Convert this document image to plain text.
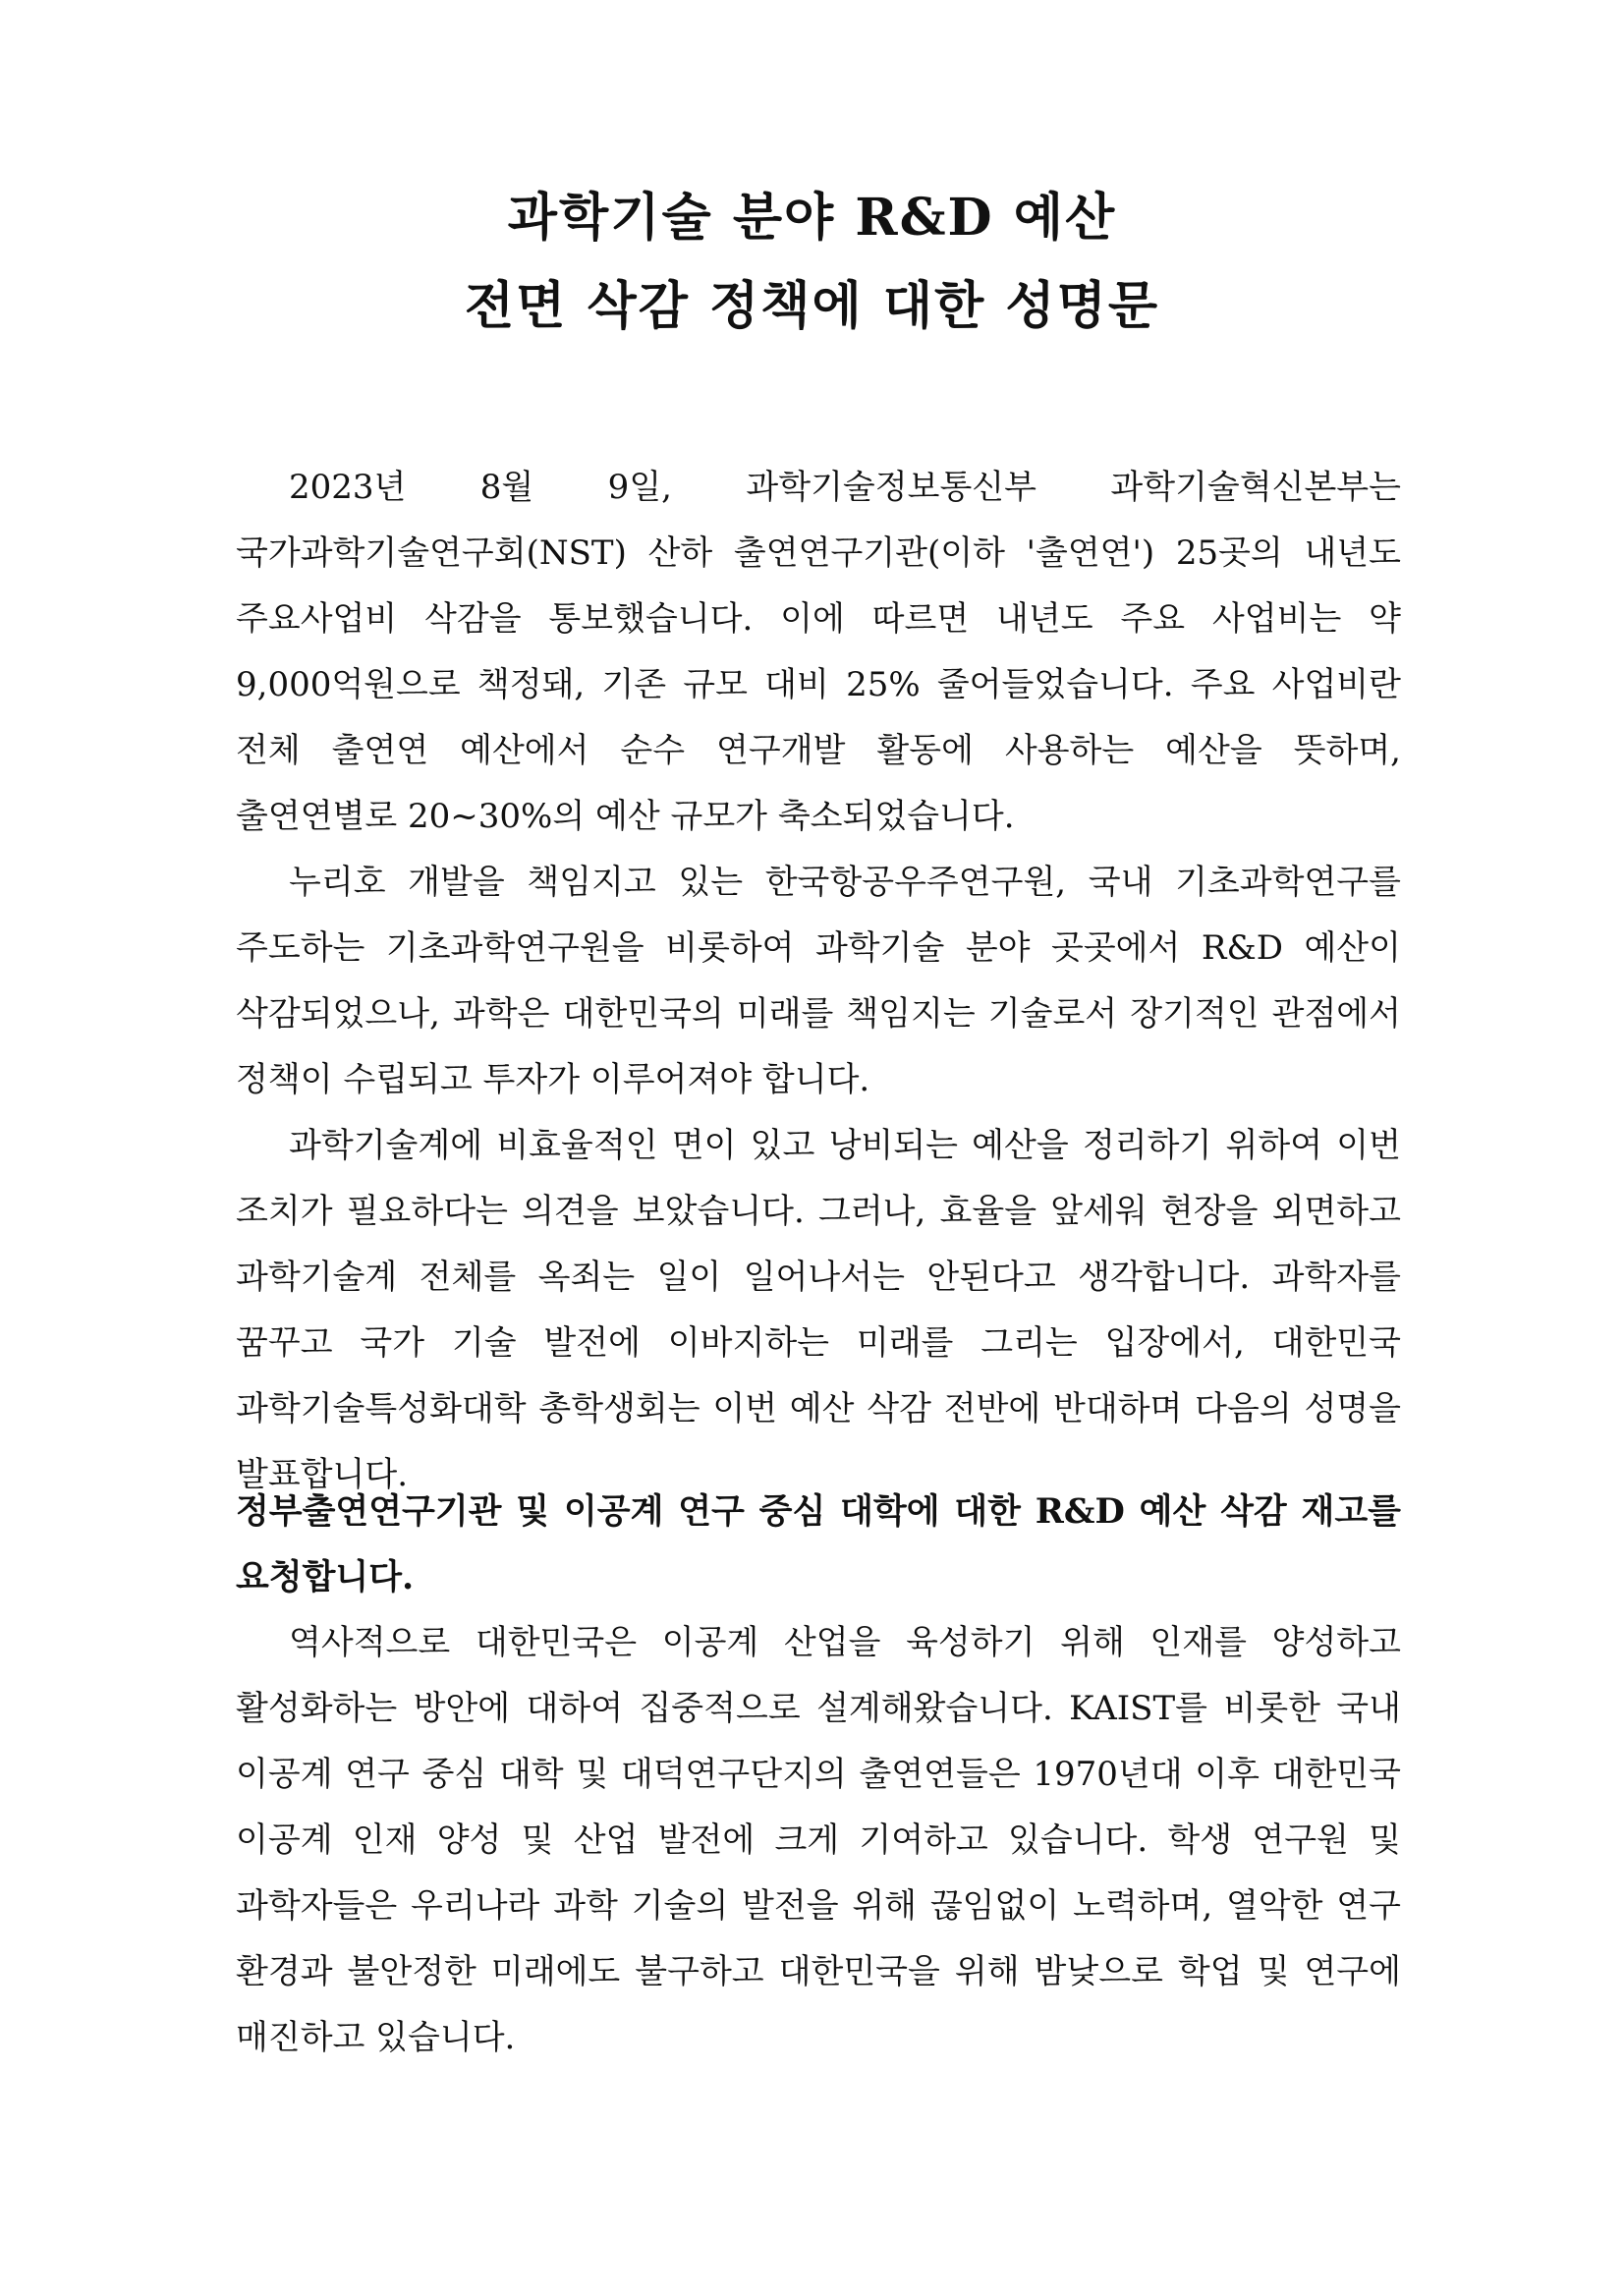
과학기술 분야 R&D 예산
전면 삭감 정책에 대한 성명문

2023년 8월 9일, 과학기술정보통신부 과학기술혁신본부는 국가과학기술연구회(NST) 산하 출연연구기관(이하 '출연연') 25곳의 내년도 주요사업비 삭감을 통보했습니다. 이에 따르면 내년도 주요 사업비는 약 9,000억원으로 책정돼, 기존 규모 대비 25% 줄어들었습니다. 주요 사업비란 전체 출연연 예산에서 순수 연구개발 활동에 사용하는 예산을 뜻하며, 출연연별로 20~30%의 예산 규모가 축소되었습니다.

누리호 개발을 책임지고 있는 한국항공우주연구원, 국내 기초과학연구를 주도하는 기초과학연구원을 비롯하여 과학기술 분야 곳곳에서 R&D 예산이 삭감되었으나, 과학은 대한민국의 미래를 책임지는 기술로서 장기적인 관점에서 정책이 수립되고 투자가 이루어져야 합니다.

과학기술계에 비효율적인 면이 있고 낭비되는 예산을 정리하기 위하여 이번 조치가 필요하다는 의견을 보았습니다. 그러나, 효율을 앞세워 현장을 외면하고 과학기술계 전체를 옥죄는 일이 일어나서는 안된다고 생각합니다. 과학자를 꿈꾸고 국가 기술 발전에 이바지하는 미래를 그리는 입장에서, 대한민국 과학기술특성화대학 총학생회는 이번 예산 삭감 전반에 반대하며 다음의 성명을 발표합니다.

정부출연연구기관 및 이공계 연구 중심 대학에 대한 R&D 예산 삭감 재고를 요청합니다.

역사적으로 대한민국은 이공계 산업을 육성하기 위해 인재를 양성하고 활성화하는 방안에 대하여 집중적으로 설계해왔습니다. KAIST를 비롯한 국내 이공계 연구 중심 대학 및 대덕연구단지의 출연연들은 1970년대 이후 대한민국 이공계 인재 양성 및 산업 발전에 크게 기여하고 있습니다. 학생 연구원 및 과학자들은 우리나라 과학 기술의 발전을 위해 끊임없이 노력하며, 열악한 연구 환경과 불안정한 미래에도 불구하고 대한민국을 위해 밤낮으로 학업 및 연구에 매진하고 있습니다.
